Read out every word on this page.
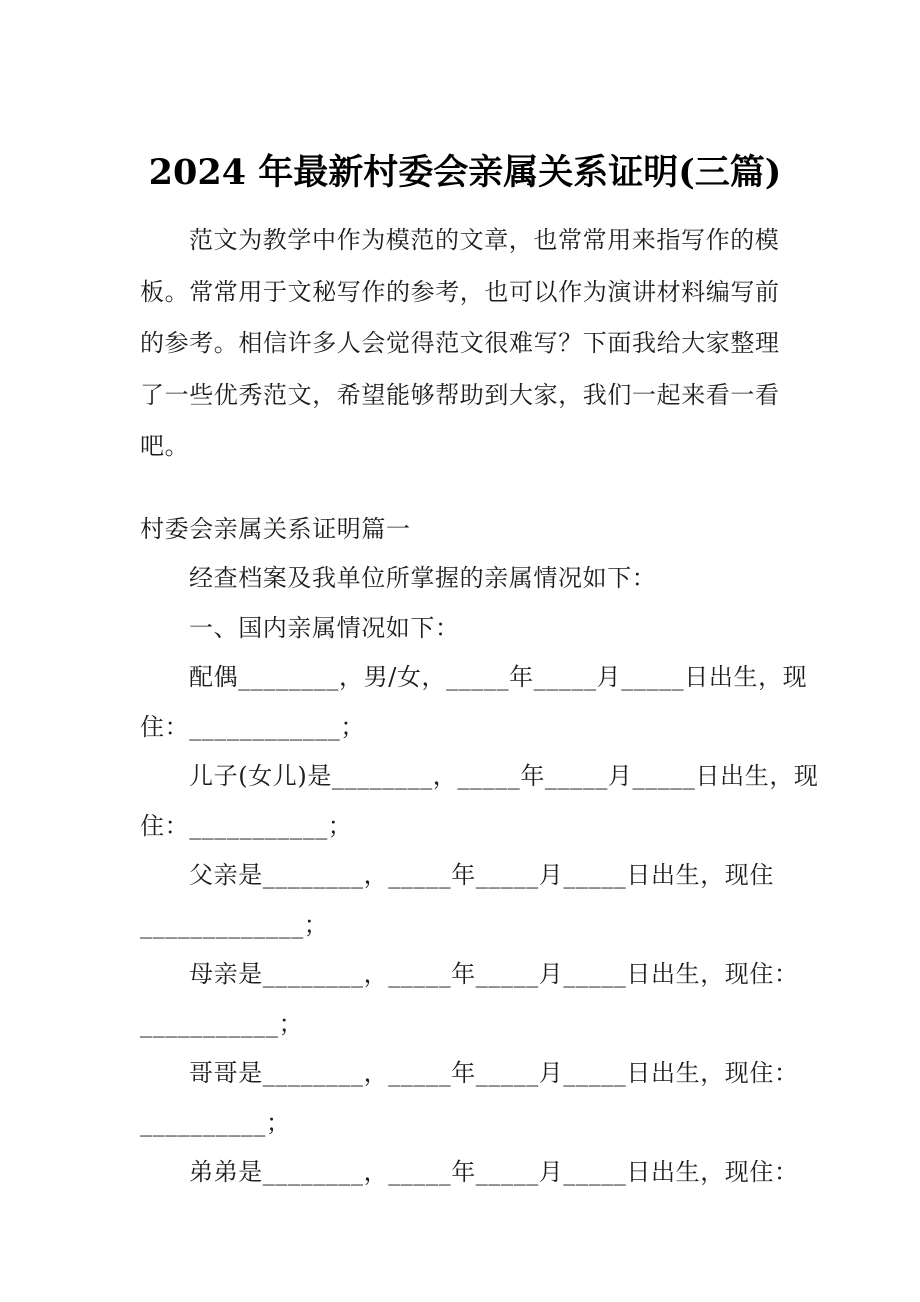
2024 年最新村委会亲属关系证明(三篇)
范文为教学中作为模范的文章，也常常用来指写作的模
板。常常用于文秘写作的参考，也可以作为演讲材料编写前
的参考。相信许多人会觉得范文很难写？下面我给大家整理
了一些优秀范文，希望能够帮助到大家，我们一起来看一看
吧。
村委会亲属关系证明篇一
经查档案及我单位所掌握的亲属情况如下：
一、国内亲属情况如下：
配偶________，男/女，_____年_____月_____日出生，现
住：____________；
儿子(女儿)是________，_____年_____月_____日出生，现
住：___________；
父亲是________，_____年_____月_____日出生，现住
_____________；
母亲是________，_____年_____月_____日出生，现住：
___________；
哥哥是________，_____年_____月_____日出生，现住：
__________；
弟弟是________，_____年_____月_____日出生，现住：
